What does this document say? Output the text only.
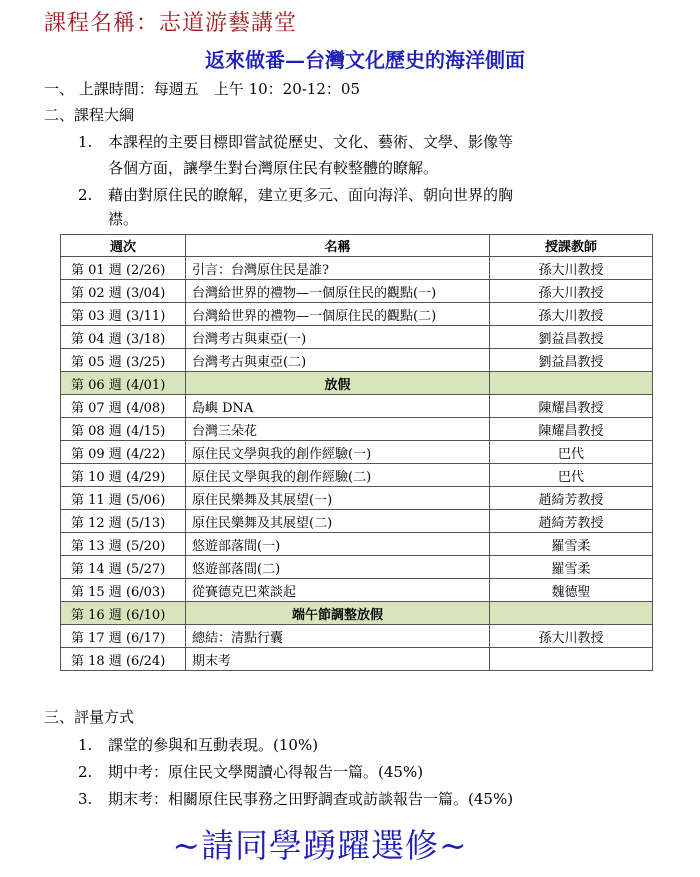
課程名稱：志道游藝講堂
返來做番—台灣文化歷史的海洋側面
一、 上課時間：每週五　上午 10：20-12：05
二、課程大綱
1. 本課程的主要目標即嘗試從歷史、文化、藝術、文學、影像等
各個方面，讓學生對台灣原住民有較整體的瞭解。
2. 藉由對原住民的瞭解，建立更多元、面向海洋、朝向世界的胸
襟。
週次	名稱	授課教師
第 01 週 (2/26)	引言：台灣原住民是誰?	孫大川教授
第 02 週 (3/04)	台灣給世界的禮物—一個原住民的觀點(一)	孫大川教授
第 03 週 (3/11)	台灣給世界的禮物—一個原住民的觀點(二)	孫大川教授
第 04 週 (3/18)	台灣考古與東亞(一)	劉益昌教授
第 05 週 (3/25)	台灣考古與東亞(二)	劉益昌教授
第 06 週 (4/01)	放假	
第 07 週 (4/08)	島嶼 DNA	陳耀昌教授
第 08 週 (4/15)	台灣三朵花	陳耀昌教授
第 09 週 (4/22)	原住民文學與我的創作經驗(一)	巴代
第 10 週 (4/29)	原住民文學與我的創作經驗(二)	巴代
第 11 週 (5/06)	原住民樂舞及其展望(一)	趙綺芳教授
第 12 週 (5/13)	原住民樂舞及其展望(二)	趙綺芳教授
第 13 週 (5/20)	悠遊部落間(一)	羅雪柔
第 14 週 (5/27)	悠遊部落間(二)	羅雪柔
第 15 週 (6/03)	從賽德克巴萊談起	魏德聖
第 16 週 (6/10)	端午節調整放假	
第 17 週 (6/17)	總結：清點行囊	孫大川教授
第 18 週 (6/24)	期末考	
三、評量方式
1. 課堂的參與和互動表現。(10%)
2. 期中考：原住民文學閱讀心得報告一篇。(45%)
3. 期末考：相關原住民事務之田野調查或訪談報告一篇。(45%)
~請同學踴躍選修~
